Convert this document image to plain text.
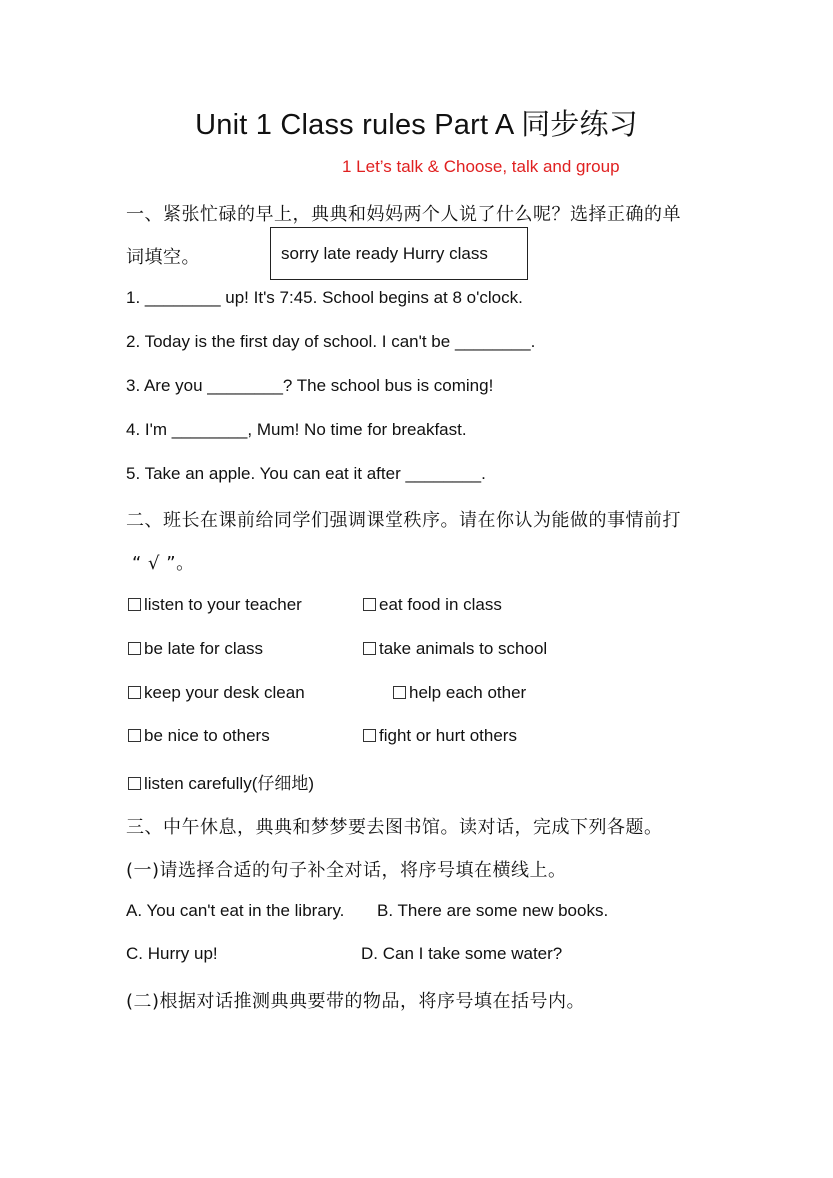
Unit 1 Class rules Part A 同步练习
1 Let’s talk & Choose, talk and group
一、紧张忙碌的早上，典典和妈妈两个人说了什么呢？选择正确的单
词填空。	sorry late ready Hurry class
1. ________ up! It's 7:45. School begins at 8 o'clock.
2. Today is the first day of school. I can't be ________.
3. Are you ________? The school bus is coming!
4. I'm ________, Mum! No time for breakfast.
5. Take an apple. You can eat it after ________.
二、班长在课前给同学们强调课堂秩序。请在你认为能做的事情前打
“ √ ”。
listen to your teacher	eat food in class
be late for class	take animals to school
keep your desk clean	help each other
be nice to others	fight or hurt others
listen carefully(仔细地)
三、中午休息，典典和梦梦要去图书馆。读对话，完成下列各题。
(一)请选择合适的句子补全对话，将序号填在横线上。
A. You can't eat in the library. B. There are some new books.
C. Hurry up!	D. Can I take some water?
(二)根据对话推测典典要带的物品，将序号填在括号内。
